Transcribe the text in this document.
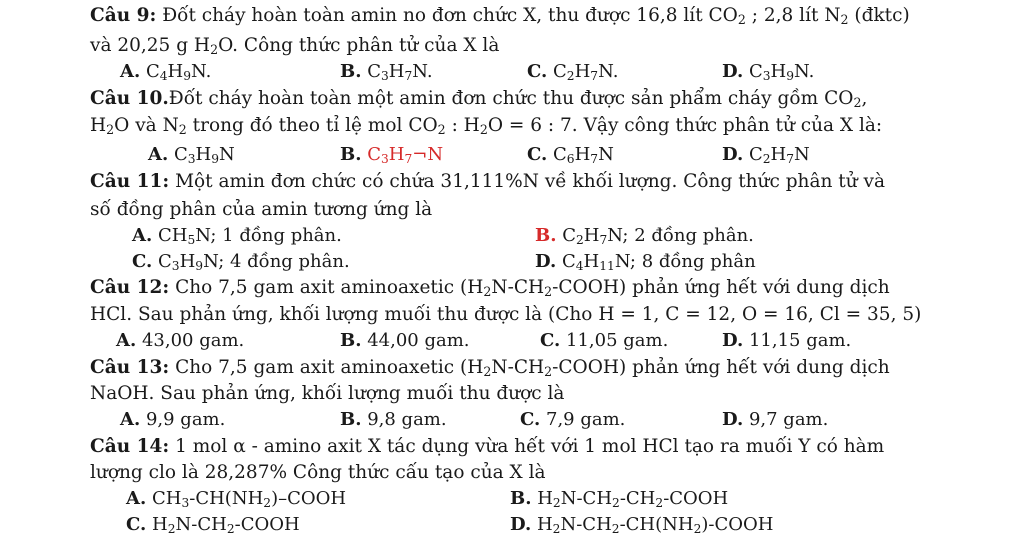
Câu 9: Đốt cháy hoàn toàn amin no đơn chức X, thu được 16,8 lít $CO_2$ ; 2,8 lít $N_2$ (đktc)
và 20,25 g $H_2O$. Công thức phân tử của X là
A. $C_4H_9N$.	B. $C_3H_7N$.	C. $C_2H_7N$.	D. $C_3H_9N$.
Câu 10.Đốt cháy hoàn toàn một amin đơn chức thu được sản phẩm cháy gồm $CO_2$,
$H_2O$ và $N_2$ trong đó theo tỉ lệ mol $CO_2$ : $H_2O = 6$ : 7. Vậy công thức phân tử của X là:
A. $C_3H_9N$	B. $C_3H_7\neg N$	C. $C_6H_7N$	D. $C_2H_7N$
Câu 11: Một amin đơn chức có chứa 31,111%N về khối lượng. Công thức phân tử và
số đồng phân của amin tương ứng là
A. $CH_5N$; 1 đồng phân.	B. $C_2H_7N$; 2 đồng phân.
C. $C_3H_9N$; 4 đồng phân.	D. $C_4H_{11}N$; 8 đồng phân
Câu 12: Cho 7,5 gam axit aminoaxetic $(H_2N-CH_2-COOH)$ phản ứng hết với dung dịch
HCl. Sau phản ứng, khối lượng muối thu được là (Cho H = 1, C = 12, O = 16, Cl = 35, 5)
A. 43,00 gam.	B. 44,00 gam.	C. 11,05 gam.	D. 11,15 gam.
Câu 13: Cho 7,5 gam axit aminoaxetic $(H_2N-CH_2-COOH)$ phản ứng hết với dung dịch
NaOH. Sau phản ứng, khối lượng muối thu được là
A. 9,9 gam.	B. 9,8 gam.	C. 7,9 gam.	D. 9,7 gam.
Câu 14: 1 mol α - amino axit X tác dụng vừa hết với 1 mol HCl tạo ra muối Y có hàm
lượng clo là 28,287% Công thức cấu tạo của X là
A. $CH_3-CH(NH_2)$–COOH	B. $H_2N-CH_2-CH_2$-COOH
C. $H_2N-CH_2$-COOH	D. $H_2N-CH_2-CH(NH_2)$-COOH
